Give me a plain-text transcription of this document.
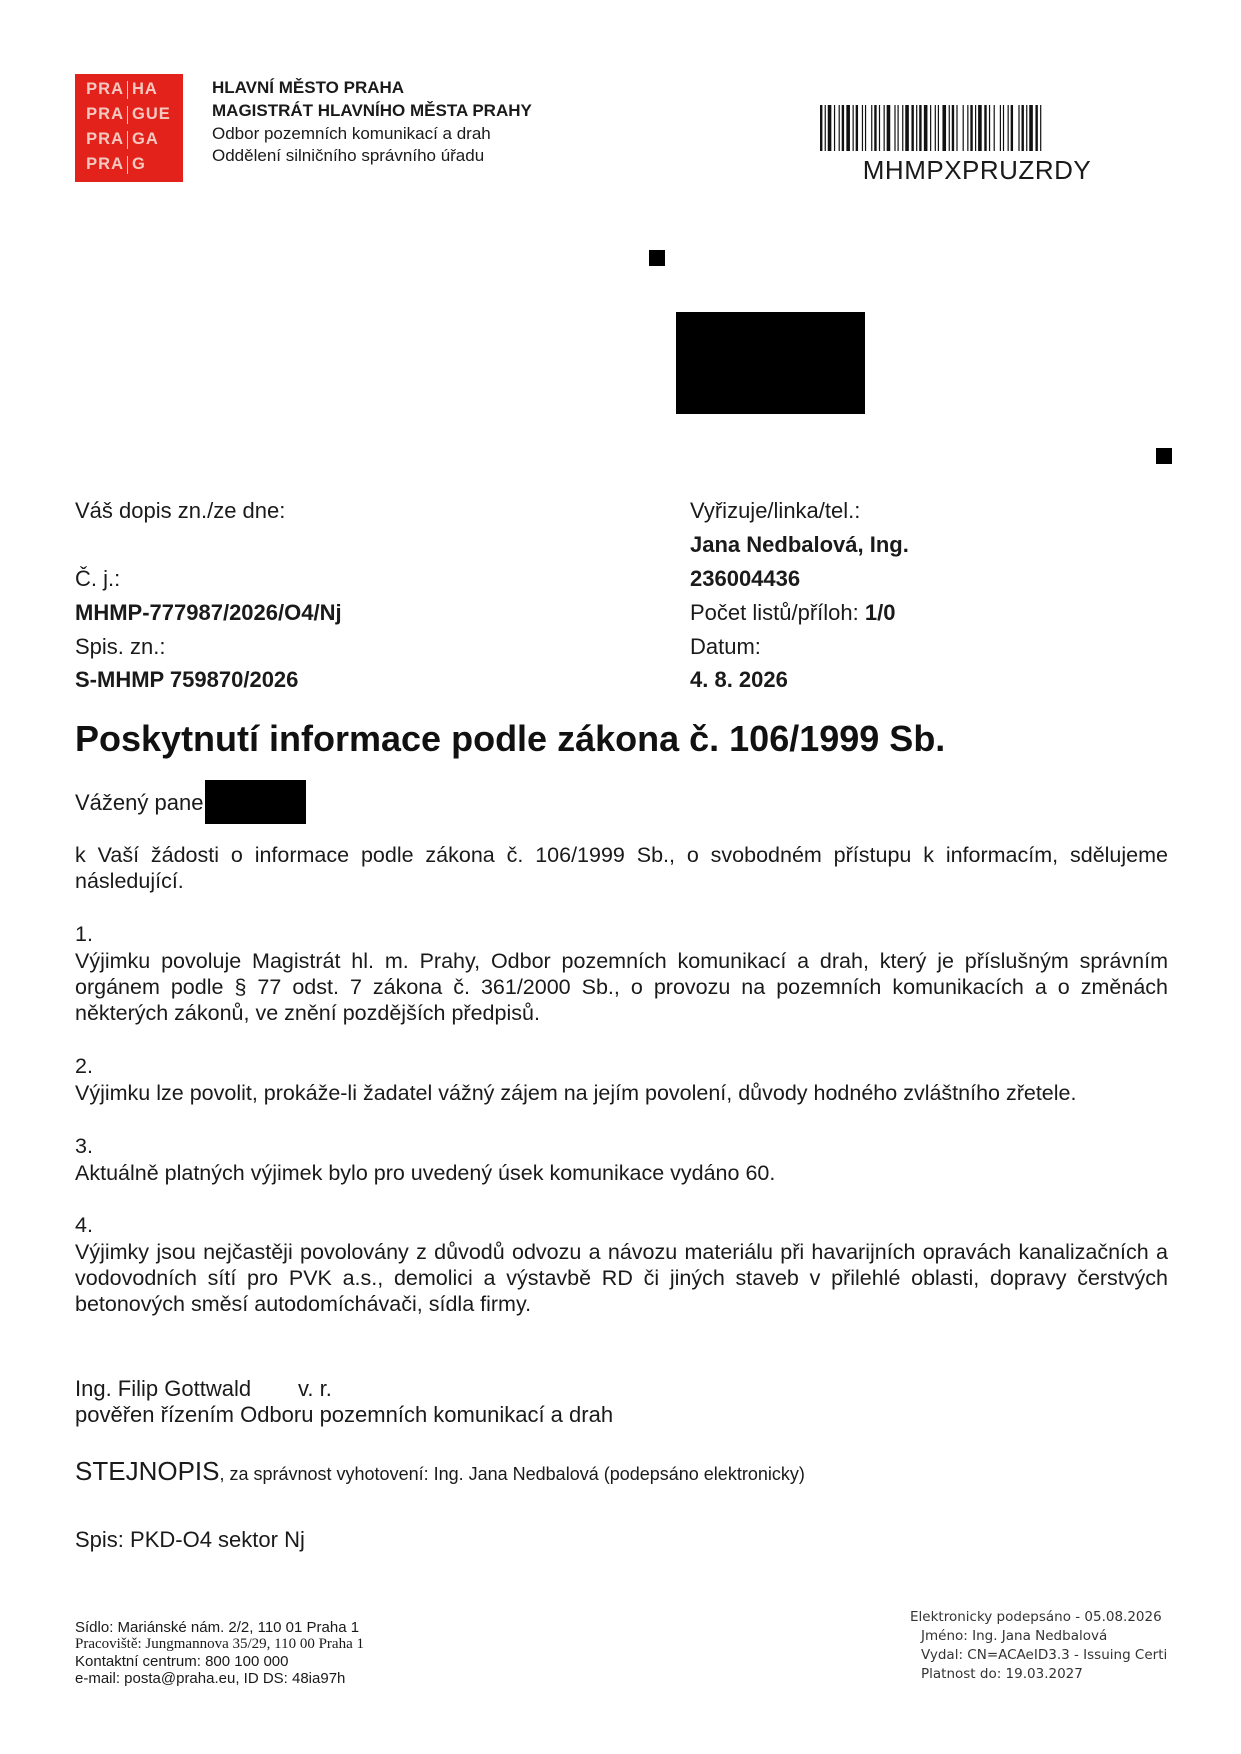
PRA HA
PRA GUE
PRA GA
PRA G
HLAVNÍ MĚSTO PRAHA
MAGISTRÁT HLAVNÍHO MĚSTA PRAHY
Odbor pozemních komunikací a drah
Oddělení silničního správního úřadu	MHMPXPRUZRDY
Váš dopis zn./ze dne:
Č. j.:
MHMP-777987/2026/O4/Nj
Spis. zn.:
S-MHMP 759870/2026
Vyřizuje/linka/tel.:
Jana Nedbalová, Ing.
236004436
Počet listů/příloh: 1/0
Datum:
4. 8. 2026
Poskytnutí informace podle zákona č. 106/1999 Sb.
Vážený pane
k Vaší žádosti o informace podle zákona č. 106/1999 Sb., o svobodném přístupu k informacím, sdělujeme následující.
1.
Výjimku povoluje Magistrát hl. m. Prahy, Odbor pozemních komunikací a drah, který je příslušným správním orgánem podle § 77 odst. 7 zákona č. 361/2000 Sb., o provozu na pozemních komunikacích a o změnách některých zákonů, ve znění pozdějších předpisů.
2.
Výjimku lze povolit, prokáže-li žadatel vážný zájem na jejím povolení, důvody hodného zvláštního zřetele.
3.
Aktuálně platných výjimek bylo pro uvedený úsek komunikace vydáno 60.
4.
Výjimky jsou nejčastěji povolovány z důvodů odvozu a návozu materiálu při havarijních opravách kanalizačních a vodovodních sítí pro PVK a.s., demolici a výstavbě RD či jiných staveb v přilehlé oblasti, dopravy čerstvých betonových směsí autodomíchávači, sídla firmy.
Ing. Filip Gottwald v. r.
pověřen řízením Odboru pozemních komunikací a drah
STEJNOPIS, za správnost vyhotovení: Ing. Jana Nedbalová (podepsáno elektronicky)
Spis: PKD-O4 sektor Nj
Sídlo: Mariánské nám. 2/2, 110 01 Praha 1
Pracoviště: Jungmannova 35/29, 110 00 Praha 1
Kontaktní centrum: 800 100 000
e-mail: posta@praha.eu, ID DS: 48ia97h
Elektronicky podepsáno - 05.08.2026
Jméno: Ing. Jana Nedbalová
Vydal: CN=ACAeID3.3 - Issuing Certi
Platnost do: 19.03.2027
